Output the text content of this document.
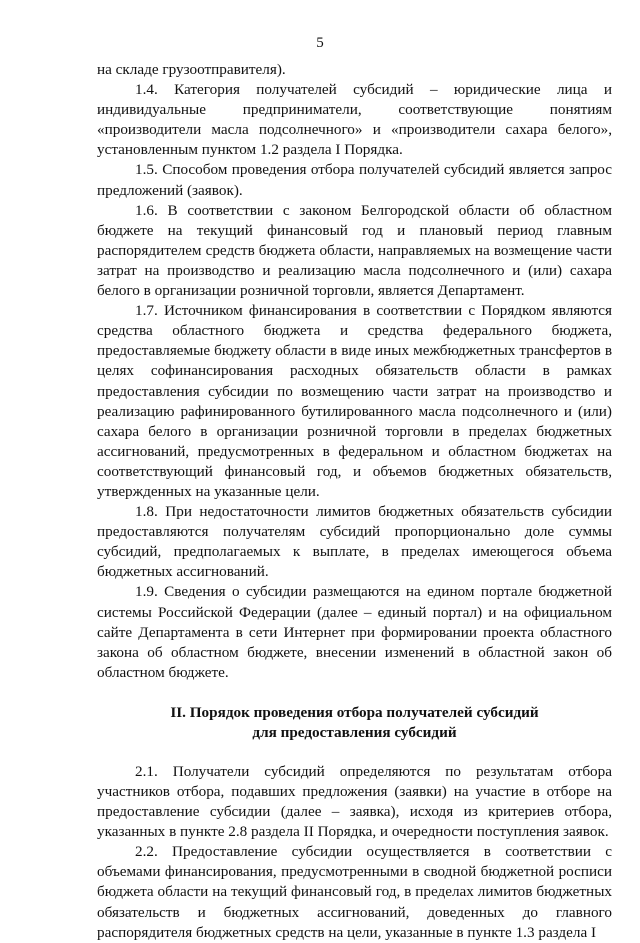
5

на складе грузоотправителя).

1.4. Категория получателей субсидий – юридические лица и индивидуальные предприниматели, соответствующие понятиям «производители масла подсолнечного» и «производители сахара белого», установленным пунктом 1.2 раздела I Порядка.

1.5. Способом проведения отбора получателей субсидий является запрос предложений (заявок).

1.6. В соответствии с законом Белгородской области об областном бюджете на текущий финансовый год и плановый период главным распорядителем средств бюджета области, направляемых на возмещение части затрат на производство и реализацию масла подсолнечного и (или) сахара белого в организации розничной торговли, является Департамент.

1.7. Источником финансирования в соответствии с Порядком являются средства областного бюджета и средства федерального бюджета, предоставляемые бюджету области в виде иных межбюджетных трансфертов в целях софинансирования расходных обязательств области в рамках предоставления субсидии по возмещению части затрат на производство и реализацию рафинированного бутилированного масла подсолнечного и (или) сахара белого в организации розничной торговли в пределах бюджетных ассигнований, предусмотренных в федеральном и областном бюджетах на соответствующий финансовый год, и объемов бюджетных обязательств, утвержденных на указанные цели.

1.8. При недостаточности лимитов бюджетных обязательств субсидии предоставляются получателям субсидий пропорционально доле суммы субсидий, предполагаемых к выплате, в пределах имеющегося объема бюджетных ассигнований.

1.9. Сведения о субсидии размещаются на едином портале бюджетной системы Российской Федерации (далее – единый портал) и на официальном сайте Департамента в сети Интернет при формировании проекта областного закона об областном бюджете, внесении изменений в областной закон об областном бюджете.

II. Порядок проведения отбора получателей субсидий
для предоставления субсидий

2.1. Получатели субсидий определяются по результатам отбора участников отбора, подавших предложения (заявки) на участие в отборе на предоставление субсидии (далее – заявка), исходя из критериев отбора, указанных в пункте 2.8 раздела II Порядка, и очередности поступления заявок.

2.2. Предоставление субсидии осуществляется в соответствии с объемами финансирования, предусмотренными в сводной бюджетной росписи бюджета области на текущий финансовый год, в пределах лимитов бюджетных обязательств и бюджетных ассигнований, доведенных до главного распорядителя бюджетных средств на цели, указанные в пункте 1.3 раздела I
